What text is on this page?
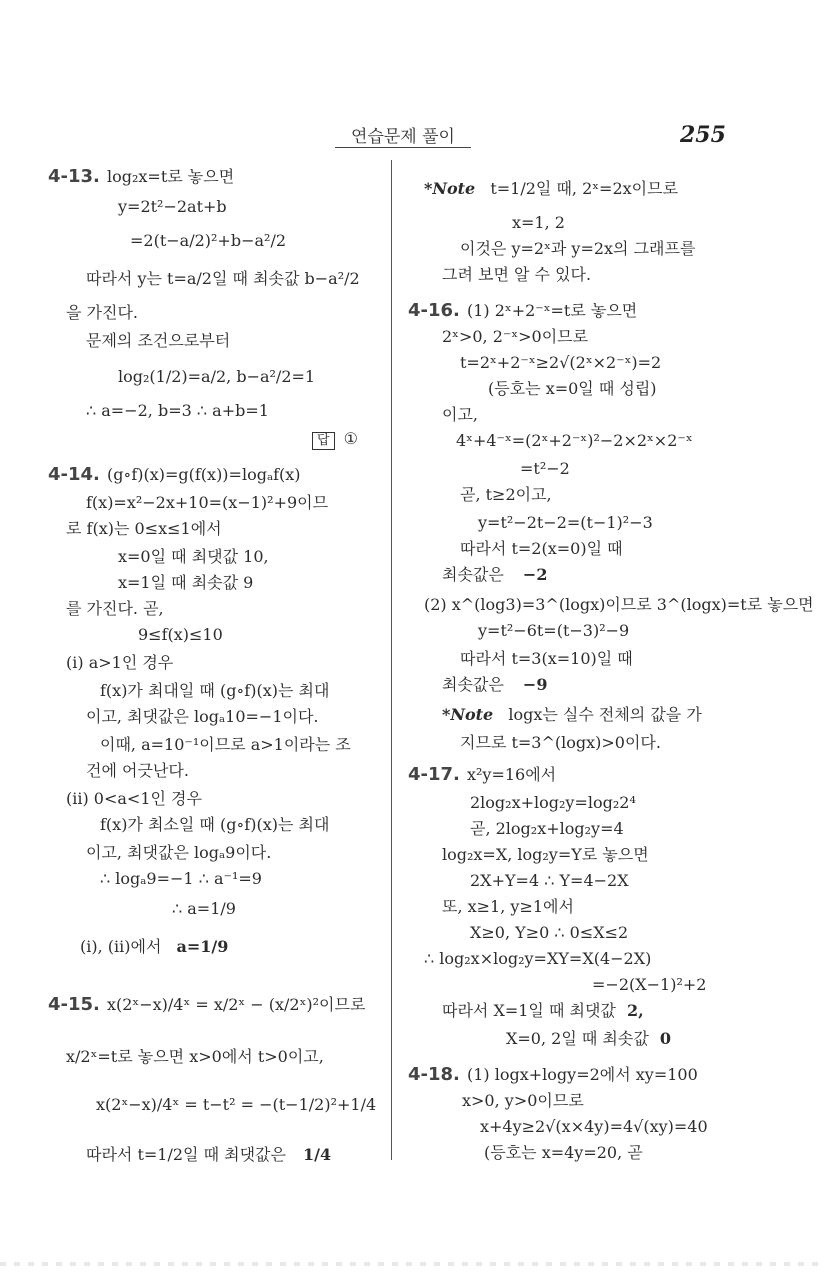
연습문제 풀이	255
4-13. log₂x=t로 놓으면
y=2t²−2at+b
=2(t−a/2)²+b−a²/2
따라서 y는 t=a/2일 때 최솟값 b−a²/2
을 가진다.
문제의 조건으로부터
log₂(1/2)=a/2, b−a²/2=1
∴ a=−2, b=3 ∴ a+b=1
답 ①
4-14. (g∘f)(x)=g(f(x))=logₐf(x)
f(x)=x²−2x+10=(x−1)²+9이므
로 f(x)는 0≤x≤1에서
x=0일 때 최댓값 10,
x=1일 때 최솟값 9
를 가진다. 곧,
9≤f(x)≤10
(i) a>1인 경우
f(x)가 최대일 때 (g∘f)(x)는 최대
이고, 최댓값은 logₐ10=−1이다.
이때, a=10⁻¹이므로 a>1이라는 조
건에 어긋난다.
(ii) 0<a<1인 경우
f(x)가 최소일 때 (g∘f)(x)는 최대
이고, 최댓값은 logₐ9이다.
∴ logₐ9=−1 ∴ a⁻¹=9
∴ a=1/9
(i), (ii)에서 a=1/9
4-15. x(2ˣ−x)/4ˣ = x/2ˣ − (x/2ˣ)²이므로
x/2ˣ=t로 놓으면 x>0에서 t>0이고,
x(2ˣ−x)/4ˣ = t−t² = −(t−1/2)²+1/4
따라서 t=1/2일 때 최댓값은 1/4
*Note t=1/2일 때, 2ˣ=2x이므로
x=1, 2
이것은 y=2ˣ과 y=2x의 그래프를
그려 보면 알 수 있다.
4-16. (1) 2ˣ+2⁻ˣ=t로 놓으면
2ˣ>0, 2⁻ˣ>0이므로
t=2ˣ+2⁻ˣ≥2√(2ˣ×2⁻ˣ)=2
(등호는 x=0일 때 성립)
이고,
4ˣ+4⁻ˣ=(2ˣ+2⁻ˣ)²−2×2ˣ×2⁻ˣ
=t²−2
곧, t≥2이고,
y=t²−2t−2=(t−1)²−3
따라서 t=2(x=0)일 때
최솟값은 −2
(2) x^(log3)=3^(logx)이므로 3^(logx)=t로 놓으면
y=t²−6t=(t−3)²−9
따라서 t=3(x=10)일 때
최솟값은 −9
*Note logx는 실수 전체의 값을 가
지므로 t=3^(logx)>0이다.
4-17. x²y=16에서
2log₂x+log₂y=log₂2⁴
곧, 2log₂x+log₂y=4
log₂x=X, log₂y=Y로 놓으면
2X+Y=4 ∴ Y=4−2X
또, x≥1, y≥1에서
X≥0, Y≥0 ∴ 0≤X≤2
∴ log₂x×log₂y=XY=X(4−2X)
=−2(X−1)²+2
따라서 X=1일 때 최댓값 2,
X=0, 2일 때 최솟값 0
4-18. (1) logx+logy=2에서 xy=100
x>0, y>0이므로
x+4y≥2√(x×4y)=4√(xy)=40
(등호는 x=4y=20, 곧
